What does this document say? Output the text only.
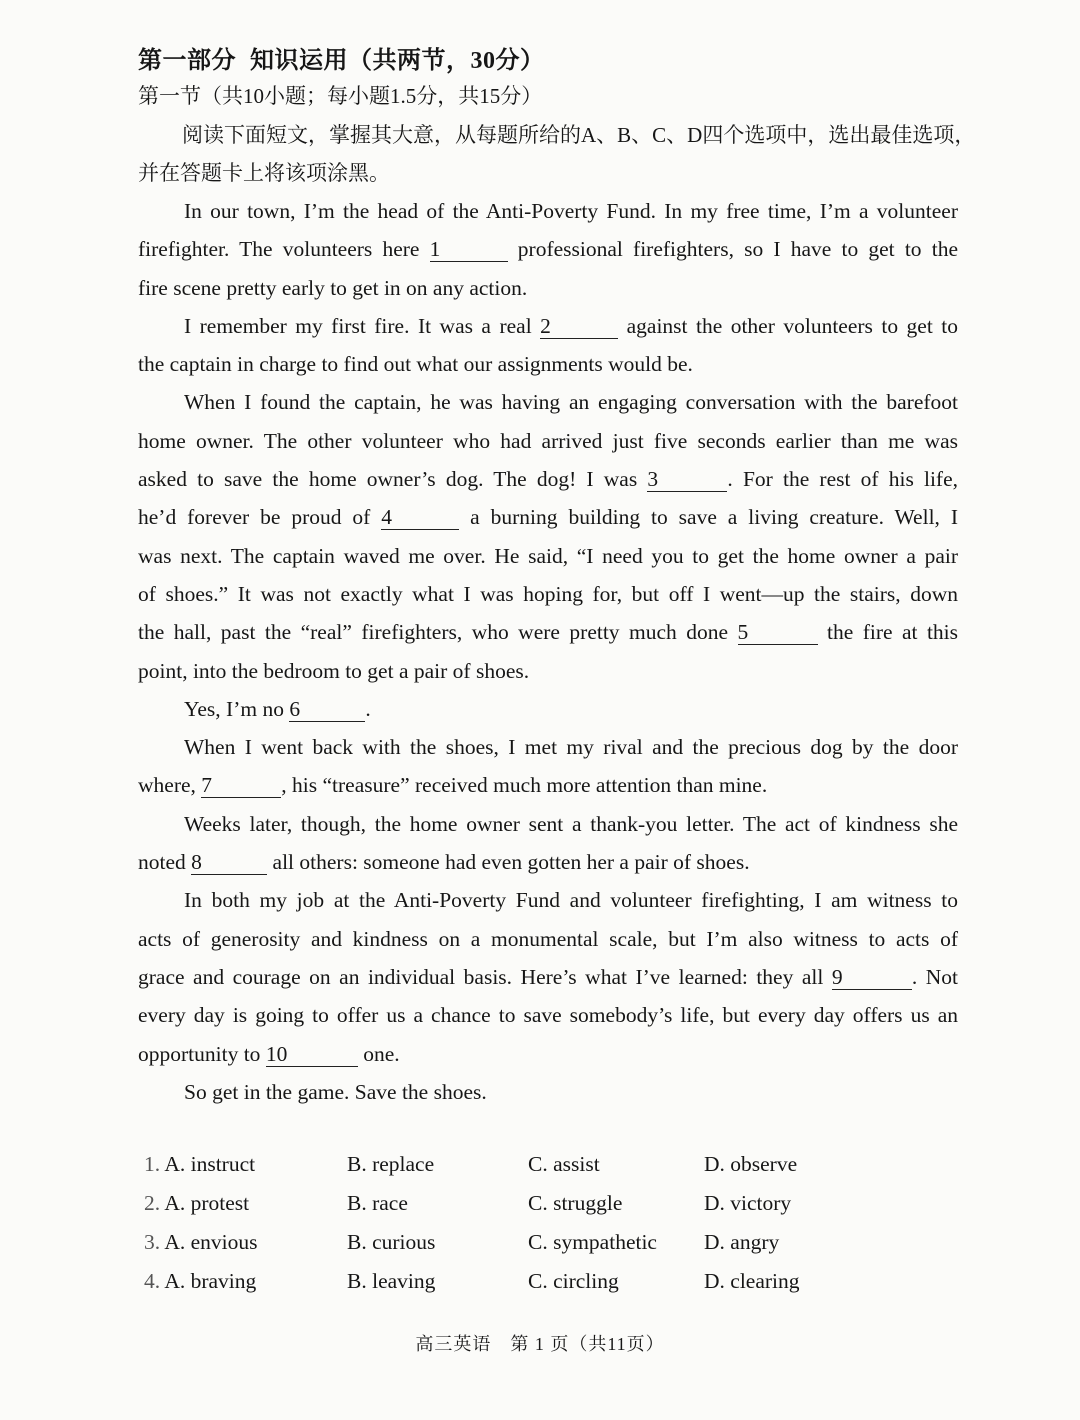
第一部分 知识运用（共两节，30分）
第一节（共10小题；每小题1.5分，共15分）
阅读下面短文，掌握其大意，从每题所给的A、B、C、D四个选项中，选出最佳选项，
并在答题卡上将该项涂黑。
In our town, I’m the head of the Anti-Poverty Fund. In my free time, I’m a volunteer
firefighter. The volunteers here 1	professional firefighters, so I have to get to the
fire scene pretty early to get in on any action.
I remember my first fire. It was a real 2	against the other volunteers to get to
the captain in charge to find out what our assignments would be.
When I found the captain, he was having an engaging conversation with the barefoot
home owner. The other volunteer who had arrived just five seconds earlier than me was
asked to save the home owner’s dog. The dog! I was 3	. For the rest of his life,
he’d forever be proud of 4	a burning building to save a living creature. Well, I
was next. The captain waved me over. He said, “I need you to get the home owner a pair
of shoes.” It was not exactly what I was hoping for, but off I went—up the stairs, down
the hall, past the “real” firefighters, who were pretty much done 5	the fire at this
point, into the bedroom to get a pair of shoes.
Yes, I’m no 6	.
When I went back with the shoes, I met my rival and the precious dog by the door
where, 7	, his “treasure” received much more attention than mine.
Weeks later, though, the home owner sent a thank-you letter. The act of kindness she
noted 8	all others: someone had even gotten her a pair of shoes.
In both my job at the Anti-Poverty Fund and volunteer firefighting, I am witness to
acts of generosity and kindness on a monumental scale, but I’m also witness to acts of
grace and courage on an individual basis. Here’s what I’ve learned: they all 9	. Not
every day is going to offer us a chance to save somebody’s life, but every day offers us an
opportunity to 10	one.
So get in the game. Save the shoes.
1. A. instruct	B. replace	C. assist	D. observe
2. A. protest	B. race	C. struggle	D. victory
3. A. envious	B. curious	C. sympathetic D. angry
4. A. braving	B. leaving	C. circling	D. clearing
高三英语　第 1 页（共11页）
